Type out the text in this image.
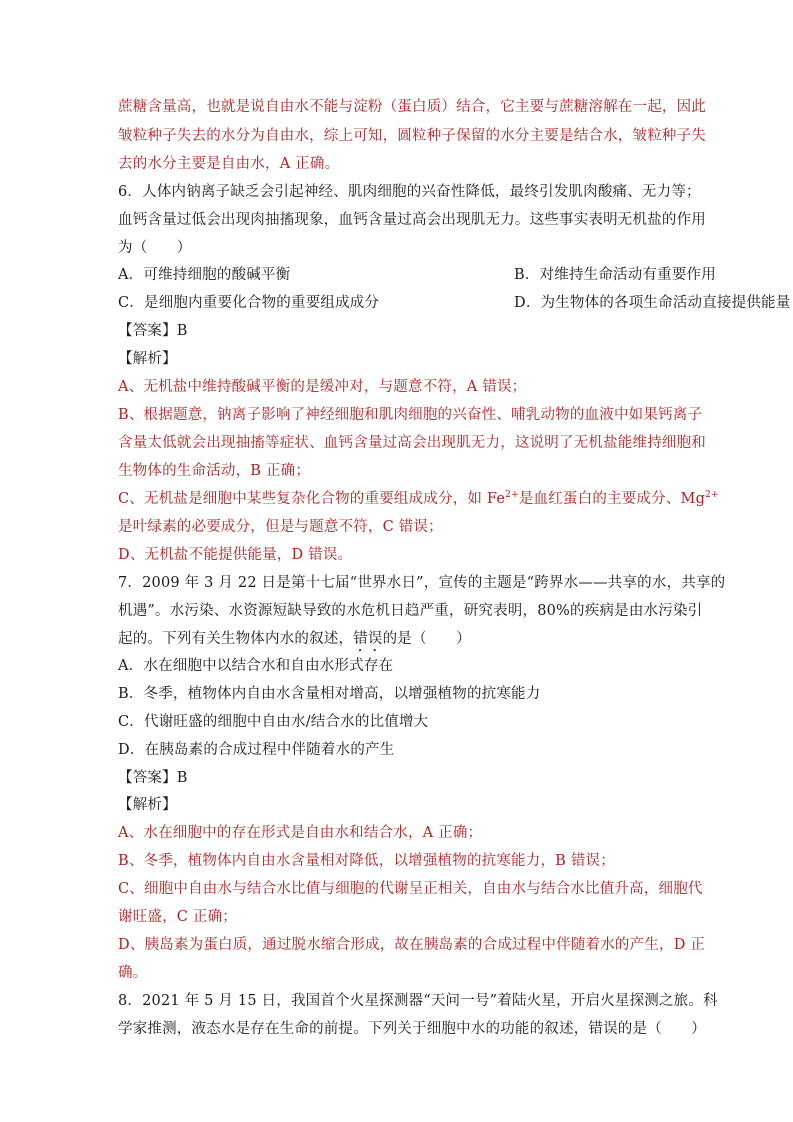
蔗糖含量高，也就是说自由水不能与淀粉（蛋白质）结合，它主要与蔗糖溶解在一起，因此
皱粒种子失去的水分为自由水，综上可知，圆粒种子保留的水分主要是结合水，皱粒种子失
去的水分主要是自由水，A 正确。
6．人体内钠离子缺乏会引起神经、肌肉细胞的兴奋性降低，最终引发肌肉酸痛、无力等；
血钙含量过低会出现肉抽搐现象，血钙含量过高会出现肌无力。这些事实表明无机盐的作用
为（　　）
A．可维持细胞的酸碱平衡	B．对维持生命活动有重要作用
C．是细胞内重要化合物的重要组成成分	D．为生物体的各项生命活动直接提供能量
【答案】B
【解析】
A、无机盐中维持酸碱平衡的是缓冲对，与题意不符，A 错误；
B、根据题意，钠离子影响了神经细胞和肌肉细胞的兴奋性、哺乳动物的血液中如果钙离子
含量太低就会出现抽搐等症状、血钙含量过高会出现肌无力，这说明了无机盐能维持细胞和
生物体的生命活动，B 正确；
C、无机盐是细胞中某些复杂化合物的重要组成成分，如 $Fe^{2+}$是血红蛋白的主要成分、$Mg^{2+}$
是叶绿素的必要成分，但是与题意不符，C 错误；
D、无机盐不能提供能量，D 错误。
7．2009 年 3 月 22 日是第十七届“世界水日”，宣传的主题是“跨界水——共享的水，共享的
机遇”。水污染、水资源短缺导致的水危机日趋严重，研究表明，80%的疾病是由水污染引
起的。下列有关生物体内水的叙述，错误的是（　　）
A．水在细胞中以结合水和自由水形式存在
B．冬季，植物体内自由水含量相对增高，以增强植物的抗寒能力
C．代谢旺盛的细胞中自由水/结合水的比值增大
D．在胰岛素的合成过程中伴随着水的产生
【答案】B
【解析】
A、水在细胞中的存在形式是自由水和结合水，A 正确；
B、冬季，植物体内自由水含量相对降低，以增强植物的抗寒能力，B 错误；
C、细胞中自由水与结合水比值与细胞的代谢呈正相关，自由水与结合水比值升高，细胞代
谢旺盛，C 正确；
D、胰岛素为蛋白质，通过脱水缩合形成，故在胰岛素的合成过程中伴随着水的产生，D 正
确。
8．2021 年 5 月 15 日，我国首个火星探测器“天问一号”着陆火星，开启火星探测之旅。科
学家推测，液态水是存在生命的前提。下列关于细胞中水的功能的叙述，错误的是（　　）
